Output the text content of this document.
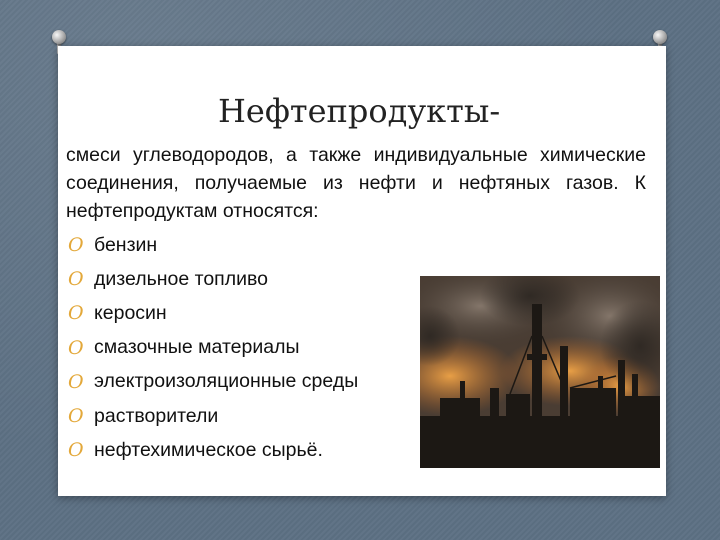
Нефтепродукты-
смеси углеводородов, а также индивидуальные химические соединения, получаемые из нефти и нефтяных газов. К нефтепродуктам относятся:
O бензин
O дизельное топливо
O керосин
O смазочные материалы
O электроизоляционные среды
O растворители
O нефтехимическое сырьё.
